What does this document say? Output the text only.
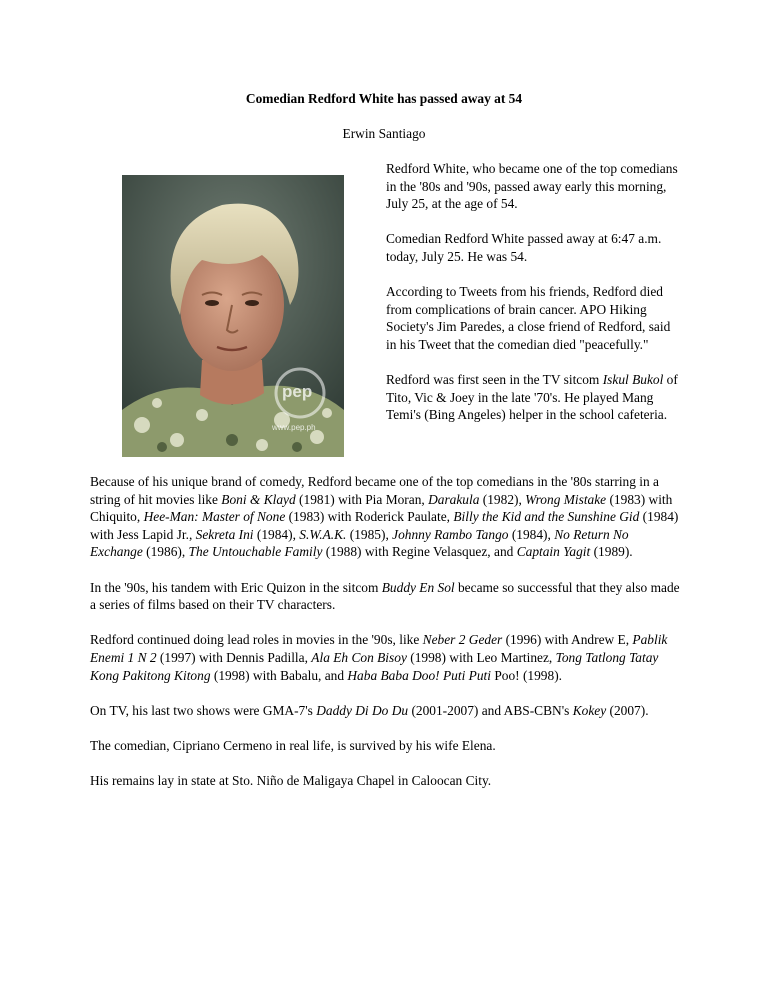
Comedian Redford White has passed away at 54
Erwin Santiago
pep
www.pep.ph

Redford White, who became one of the top comedians in the '80s and '90s, passed away early this morning, July 25, at the age of 54.

Comedian Redford White passed away at 6:47 a.m. today, July 25. He was 54.

According to Tweets from his friends, Redford died from complications of brain cancer. APO Hiking Society's Jim Paredes, a close friend of Redford, said in his Tweet that the comedian died "peacefully."

Redford was first seen in the TV sitcom Iskul Bukol of Tito, Vic & Joey in the late '70's. He played Mang Temi's (Bing Angeles) helper in the school cafeteria.

Because of his unique brand of comedy, Redford became one of the top comedians in the '80s starring in a string of hit movies like Boni & Klayd (1981) with Pia Moran, Darakula (1982), Wrong Mistake (1983) with Chiquito, Hee-Man: Master of None (1983) with Roderick Paulate, Billy the Kid and the Sunshine Gid (1984) with Jess Lapid Jr., Sekreta Ini (1984), S.W.A.K. (1985), Johnny Rambo Tango (1984), No Return No Exchange (1986), The Untouchable Family (1988) with Regine Velasquez, and Captain Yagit (1989).

In the '90s, his tandem with Eric Quizon in the sitcom Buddy En Sol became so successful that they also made a series of films based on their TV characters.

Redford continued doing lead roles in movies in the '90s, like Neber 2 Geder (1996) with Andrew E, Pablik Enemi 1 N 2 (1997) with Dennis Padilla, Ala Eh Con Bisoy (1998) with Leo Martinez, Tong Tatlong Tatay Kong Pakitong Kitong (1998) with Babalu, and Haba Baba Doo! Puti Puti Poo! (1998).

On TV, his last two shows were GMA-7's Daddy Di Do Du (2001-2007) and ABS-CBN's Kokey (2007).

The comedian, Cipriano Cermeno in real life, is survived by his wife Elena.

His remains lay in state at Sto. Niño de Maligaya Chapel in Caloocan City.
